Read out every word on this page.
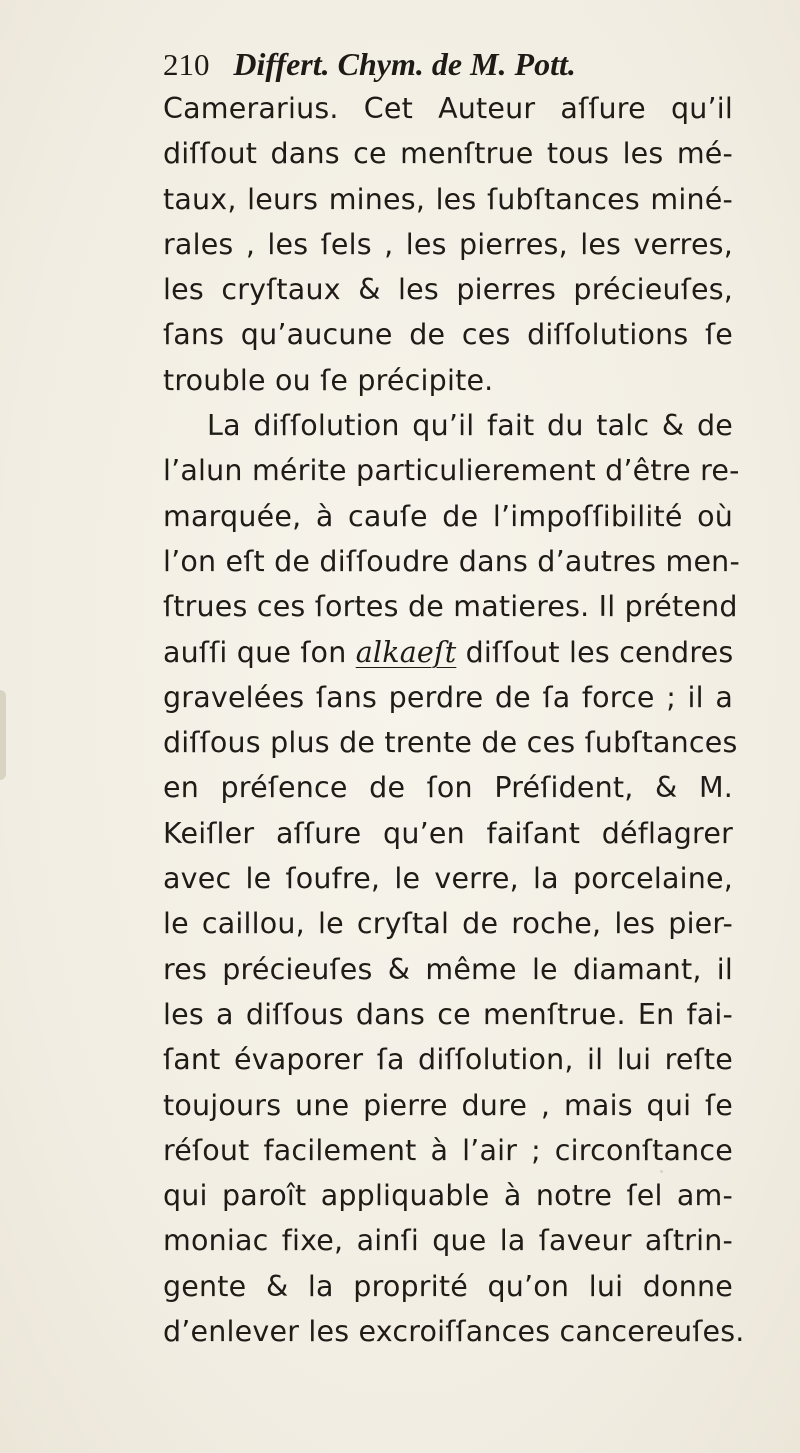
210 Differt. Chym. de M. Pott.
Camerarius. Cet Auteur aſſure qu’il
diſſout dans ce menſtrue tous les mé-
taux, leurs mines, les ſubſtances miné-
rales , les ſels , les pierres, les verres,
les cryſtaux & les pierres précieuſes,
ſans qu’aucune de ces diſſolutions ſe
trouble ou ſe précipite.
La diſſolution qu’il fait du talc & de
l’alun mérite particulierement d’être re-
marquée, à cauſe de l’impoſſibilité où
l’on eſt de diſſoudre dans d’autres men-
ſtrues ces ſortes de matieres. Il prétend
auſſi que ſon alkaeſt diſſout les cendres
gravelées ſans perdre de ſa force ; il a
diſſous plus de trente de ces ſubſtances
en préſence de ſon Préſident, & M.
Keiſler aſſure qu’en faiſant déflagrer
avec le ſoufre, le verre, la porcelaine,
le caillou, le cryſtal de roche, les pier-
res précieuſes & même le diamant, il
les a diſſous dans ce menſtrue. En fai-
ſant évaporer ſa diſſolution, il lui reſte
toujours une pierre dure , mais qui ſe
réſout facilement à l’air ; circonſtance
qui paroît appliquable à notre ſel am-
moniac fixe, ainſi que la ſaveur aſtrin-
gente & la proprité qu’on lui donne
d’enlever les excroiſſances cancereuſes.
